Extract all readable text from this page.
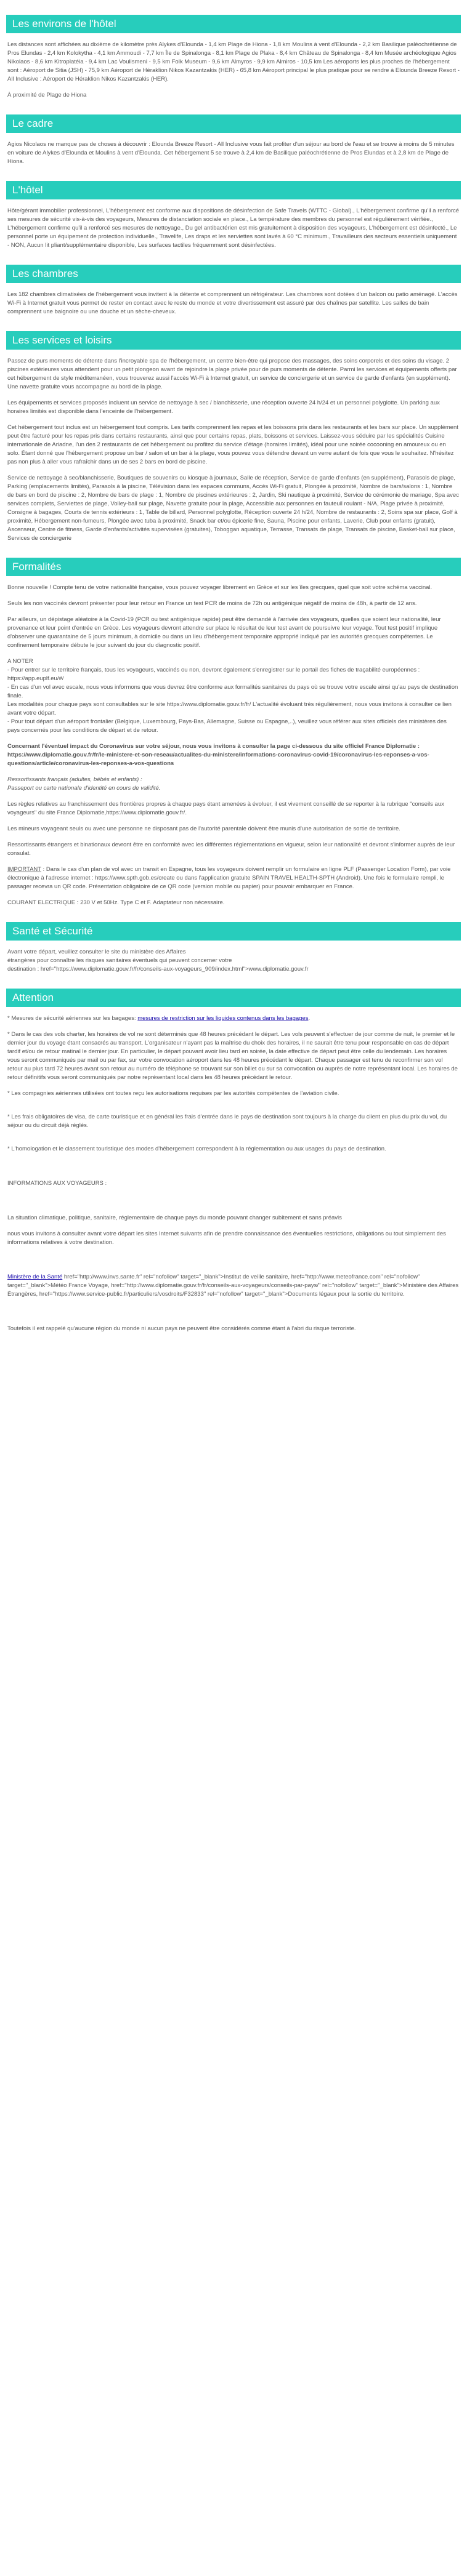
Les environs de l'hôtel

Les distances sont affichées au dixième de kilomètre près Alykes d'Elounda - 1,4 km Plage de Hiona - 1,8 km Moulins à vent d'Elounda - 2,2 km Basilique paléochrétienne de Pros Elundas - 2,4 km Kolokytha - 4,1 km Ammoudi - 7,7 km Île de Spinalonga - 8,1 km Plage de Plaka - 8,4 km Château de Spinalonga - 8,4 km Musée archéologique Agios Nikolaos - 8,6 km Kitroplatéia - 9,4 km Lac Voulismeni - 9,5 km Folk Museum - 9,6 km Almyros - 9,9 km Almiros - 10,5 km Les aéroports les plus proches de l'hébergement sont : Aéroport de Sitia (JSH) - 75,9 km Aéroport de Héraklion Nikos Kazantzakis (HER) - 65,8 km Aéroport principal le plus pratique pour se rendre à Elounda Breeze Resort - All Inclusive : Aéroport de Héraklion Nikos Kazantzakis (HER).

À proximité de Plage de Hiona

Le cadre

Agios Nicolaos ne manque pas de choses à découvrir : Elounda Breeze Resort - All Inclusive vous fait profiter d'un séjour au bord de l'eau et se trouve à moins de 5 minutes en voiture de Alykes d'Elounda et Moulins à vent d'Elounda. Cet hébergement 5 se trouve à 2,4 km de Basilique paléochrétienne de Pros Elundas et à 2,8 km de Plage de Hiona.

L'hôtel

Hôte/gérant immobilier professionnel, L'hébergement est conforme aux dispositions de désinfection de Safe Travels (WTTC - Global)., L'hébergement confirme qu'il a renforcé ses mesures de sécurité vis-à-vis des voyageurs, Mesures de distanciation sociale en place., La température des membres du personnel est régulièrement vérifiée., L'hébergement confirme qu'il a renforcé ses mesures de nettoyage., Du gel antibactérien est mis gratuitement à disposition des voyageurs, L'hébergement est désinfecté., Le personnel porte un équipement de protection individuelle., Travelife, Les draps et les serviettes sont lavés à 60 °C minimum., Travailleurs des secteurs essentiels uniquement - NON, Aucun lit pliant/supplémentaire disponible, Les surfaces tactiles fréquemment sont désinfectées.

Les chambres

Les 182 chambres climatisées de l'hébergement vous invitent à la détente et comprennent un réfrigérateur. Les chambres sont dotées d'un balcon ou patio aménagé. L'accès Wi-Fi à Internet gratuit vous permet de rester en contact avec le reste du monde et votre divertissement est assuré par des chaînes par satellite. Les salles de bain comprennent une baignoire ou une douche et un sèche-cheveux.

Les services et loisirs

Passez de purs moments de détente dans l'incroyable spa de l'hébergement, un centre bien-être qui propose des massages, des soins corporels et des soins du visage. 2 piscines extérieures vous attendent pour un petit plongeon avant de rejoindre la plage privée pour de purs moments de détente. Parmi les services et équipements offerts par cet hébergement de style méditerranéen, vous trouverez aussi l'accès Wi-Fi à Internet gratuit, un service de conciergerie et un service de garde d'enfants (en supplément). Une navette gratuite vous accompagne au bord de la plage.

Les équipements et services proposés incluent un service de nettoyage à sec / blanchisserie, une réception ouverte 24 h/24 et un personnel polyglotte. Un parking aux horaires limités est disponible dans l'enceinte de l'hébergement.

Cet hébergement tout inclus est un hébergement tout compris. Les tarifs comprennent les repas et les boissons pris dans les restaurants et les bars sur place. Un supplément peut être facturé pour les repas pris dans certains restaurants, ainsi que pour certains repas, plats, boissons et services. Laissez-vous séduire par les spécialités Cuisine internationale de Ariadne, l'un des 2 restaurants de cet hébergement ou profitez du service d'étage (horaires limités), idéal pour une soirée cocooning en amoureux ou en solo. Étant donné que l'hébergement propose un bar / salon et un bar à la plage, vous pouvez vous détendre devant un verre autant de fois que vous le souhaitez. N'hésitez pas non plus à aller vous rafraîchir dans un de ses 2 bars en bord de piscine.

Service de nettoyage à sec/blanchisserie, Boutiques de souvenirs ou kiosque à journaux, Salle de réception, Service de garde d'enfants (en supplément), Parasols de plage, Parking (emplacements limités), Parasols à la piscine, Télévision dans les espaces communs, Accès Wi-Fi gratuit, Plongée à proximité, Nombre de bars/salons : 1, Nombre de bars en bord de piscine : 2, Nombre de bars de plage : 1, Nombre de piscines extérieures : 2, Jardin, Ski nautique à proximité, Service de cérémonie de mariage, Spa avec services complets, Serviettes de plage, Volley-ball sur plage, Navette gratuite pour la plage, Accessible aux personnes en fauteuil roulant - N/A, Plage privée à proximité, Consigne à bagages, Courts de tennis extérieurs : 1, Table de billard, Personnel polyglotte, Réception ouverte 24 h/24, Nombre de restaurants : 2, Soins spa sur place, Golf à proximité, Hébergement non-fumeurs, Plongée avec tuba à proximité, Snack bar et/ou épicerie fine, Sauna, Piscine pour enfants, Laverie, Club pour enfants (gratuit), Ascenseur, Centre de fitness, Garde d'enfants/activités supervisées (gratuites), Toboggan aquatique, Terrasse, Transats de plage, Transats de piscine, Basket-ball sur place, Services de conciergerie

Formalités

Bonne nouvelle ! Compte tenu de votre nationalité française, vous pouvez voyager librement en Grèce et sur les îles grecques, quel que soit votre schéma vaccinal.

Seuls les non vaccinés devront présenter pour leur retour en France un test PCR de moins de 72h ou antigénique négatif de moins de 48h, à partir de 12 ans.

Par ailleurs, un dépistage aléatoire à la Covid-19 (PCR ou test antigénique rapide) peut être demandé à l'arrivée des voyageurs, quelles que soient leur nationalité, leur provenance et leur point d'entrée en Grèce. Les voyageurs devront attendre sur place le résultat de leur test avant de poursuivre leur voyage. Tout test positif implique d'observer une quarantaine de 5 jours minimum, à domicile ou dans un lieu d'hébergement temporaire approprié indiqué par les autorités grecques compétentes. Le confinement temporaire débute le jour suivant du jour du diagnostic positif.

A NOTER
- Pour entrer sur le territoire français, tous les voyageurs, vaccinés ou non, devront également s'enregistrer sur le portail des fiches de traçabilité européennes : https://app.euplf.eu/#/
- En cas d'un vol avec escale, nous vous informons que vous devrez être conforme aux formalités sanitaires du pays où se trouve votre escale ainsi qu'au pays de destination finale.
Les modalités pour chaque pays sont consultables sur le site https://www.diplomatie.gouv.fr/fr/ L'actualité évoluant très régulièrement, nous vous invitons à consulter ce lien avant votre départ.
- Pour tout départ d'un aéroport frontalier (Belgique, Luxembourg, Pays-Bas, Allemagne, Suisse ou Espagne,..), veuillez vous référer aux sites officiels des ministères des pays concernés pour les conditions de départ et de retour.

Concernant l'éventuel impact du Coronavirus sur votre séjour, nous vous invitons à consulter la page ci-dessous du site officiel France Diplomatie : https://www.diplomatie.gouv.fr/fr/le-ministere-et-son-reseau/actualites-du-ministere/informations-coronavirus-covid-19/coronavirus-les-reponses-a-vos-questions/article/coronavirus-les-reponses-a-vos-questions

Ressortissants français (adultes, bébés et enfants) :
Passeport ou carte nationale d'identité en cours de validité.

Les règles relatives au franchissement des frontières propres à chaque pays étant amenées à évoluer, il est vivement conseillé de se reporter à la rubrique "conseils aux voyageurs" du site France Diplomatie,https://www.diplomatie.gouv.fr/.

Les mineurs voyageant seuls ou avec une personne ne disposant pas de l'autorité parentale doivent être munis d'une autorisation de sortie de territoire.

Ressortissants étrangers et binationaux devront être en conformité avec les différentes réglementations en vigueur, selon leur nationalité et devront s'informer auprès de leur consulat.

IMPORTANT : Dans le cas d'un plan de vol avec un transit en Espagne, tous les voyageurs doivent remplir un formulaire en ligne PLF (Passenger Location Form), par voie électronique à l'adresse internet : https://www.spth.gob.es/create ou dans l'application gratuite SPAIN TRAVEL HEALTH-SPTH (Android). Une fois le formulaire rempli, le passager recevra un QR code. Présentation obligatoire de ce QR code (version mobile ou papier) pour pouvoir embarquer en France.

COURANT ELECTRIQUE : 230 V et 50Hz. Type C et F. Adaptateur non nécessaire.

Santé et Sécurité

Avant votre départ, veuillez consulter le site du ministère des Affaires
étrangères pour connaître les risques sanitaires éventuels qui peuvent concerner votre
destination : href="https://www.diplomatie.gouv.fr/fr/conseils-aux-voyageurs_909/index.html">www.diplomatie.gouv.fr

Attention

* Mesures de sécurité aériennes sur les bagages: mesures de restriction sur les liquides contenus dans les bagages.

* Dans le cas des vols charter, les horaires de vol ne sont déterminés que 48 heures précédant le départ. Les vols peuvent s'effectuer de jour comme de nuit, le premier et le dernier jour du voyage étant consacrés au transport. L'organisateur n'ayant pas la maîtrise du choix des horaires, il ne saurait être tenu pour responsable en cas de départ tardif et/ou de retour matinal le dernier jour. En particulier, le départ pouvant avoir lieu tard en soirée, la date effective de départ peut être celle du lendemain. Les horaires vous seront communiqués par mail ou par fax, sur votre convocation aéroport dans les 48 heures précédant le départ. Chaque passager est tenu de reconfirmer son vol retour au plus tard 72 heures avant son retour au numéro de téléphone se trouvant sur son billet ou sur sa convocation ou auprès de notre représentant local. Les horaires de retour définitifs vous seront communiqués par notre représentant local dans les 48 heures précédant le retour.

* Les compagnies aériennes utilisées ont toutes reçu les autorisations requises par les autorités compétentes de l'aviation civile.

* Les frais obligatoires de visa, de carte touristique et en général les frais d'entrée dans le pays de destination sont toujours à la charge du client en plus du prix du vol, du séjour ou du circuit déjà réglés.

* L'homologation et le classement touristique des modes d'hébergement correspondent à la réglementation ou aux usages du pays de destination.

INFORMATIONS AUX VOYAGEURS :

La situation climatique, politique, sanitaire, réglementaire de chaque pays du monde pouvant changer subitement et sans préavis

nous vous invitons à consulter avant votre départ les sites Internet suivants afin de prendre connaissance des éventuelles restrictions, obligations ou tout simplement des informations relatives à votre destination.

Ministère de la Santé href="http://www.invs.sante.fr" rel="nofollow" target="_blank">Institut de veille sanitaire, href="http://www.meteofrance.com" rel="nofollow" target="_blank">Météo France Voyage, href="http://www.diplomatie.gouv.fr/fr/conseils-aux-voyageurs/conseils-par-pays/" rel="nofollow" target="_blank">Ministère des Affaires Étrangères, href="https://www.service-public.fr/particuliers/vosdroits/F32833" rel="nofollow" target="_blank">Documents légaux pour la sortie du territoire.

Toutefois il est rappelé qu'aucune région du monde ni aucun pays ne peuvent être considérés comme étant à l'abri du risque terroriste.
